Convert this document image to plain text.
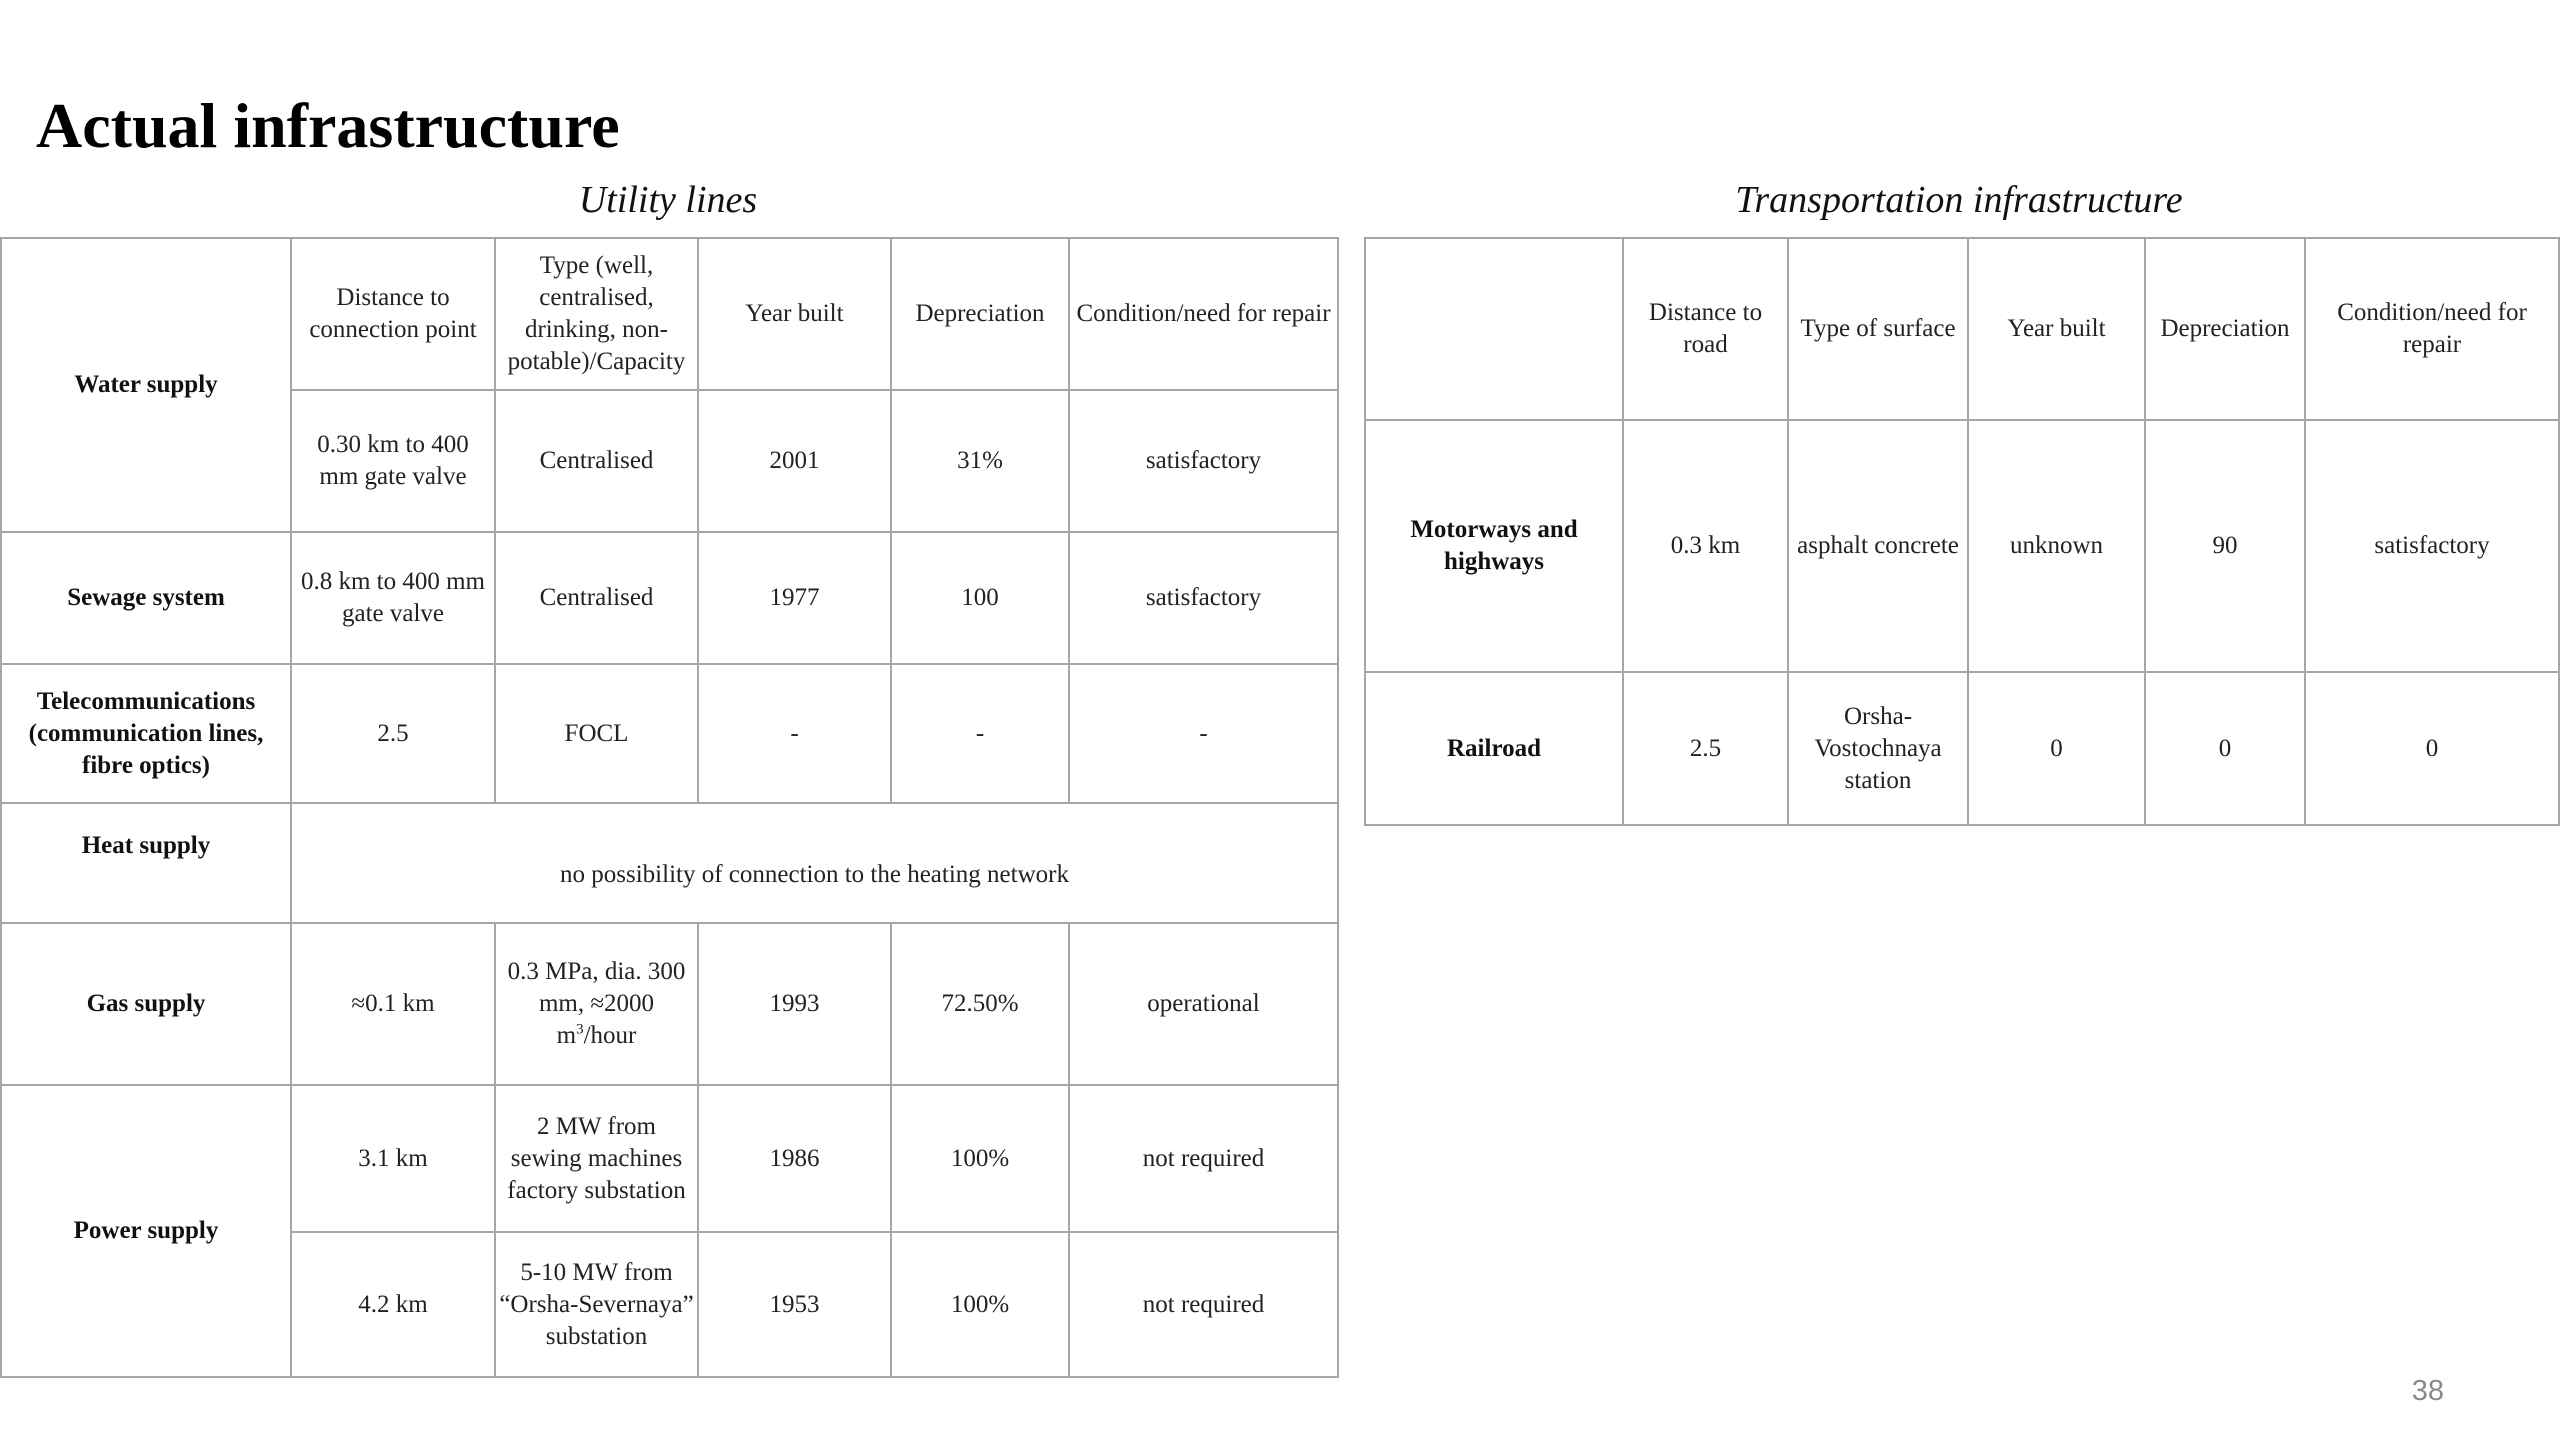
Actual infrastructure
Utility lines	Transportation infrastructure
Water supply	Distance to connection point	Type (well, centralised, drinking, non-potable)/Capacity	Year built	Depreciation	Condition/need for repair
	0.30 km to 400 mm gate valve	Centralised	2001	31%	satisfactory
Sewage system	0.8 km to 400 mm gate valve	Centralised	1977	100	satisfactory
Telecommunications (communication lines, fibre optics)	2.5	FOCL	-	-	-
Heat supply	no possibility of connection to the heating network				
Gas supply	≈0.1 km	0.3 MPa, dia. 300 mm, ≈2000 $m^3$/hour	1993	72.50%	operational
Power supply	3.1 km	2 MW from sewing machines factory substation	1986	100%	not required
	4.2 km	5-10 MW from “Orsha-Severnaya” substation	1953	100%	not required
	Distance to road	Type of surface	Year built	Depreciation	Condition/need for repair
Motorways and highways	0.3 km	asphalt concrete	unknown	90	satisfactory
Railroad	2.5	Orsha-Vostochnaya station	0	0	0
38
